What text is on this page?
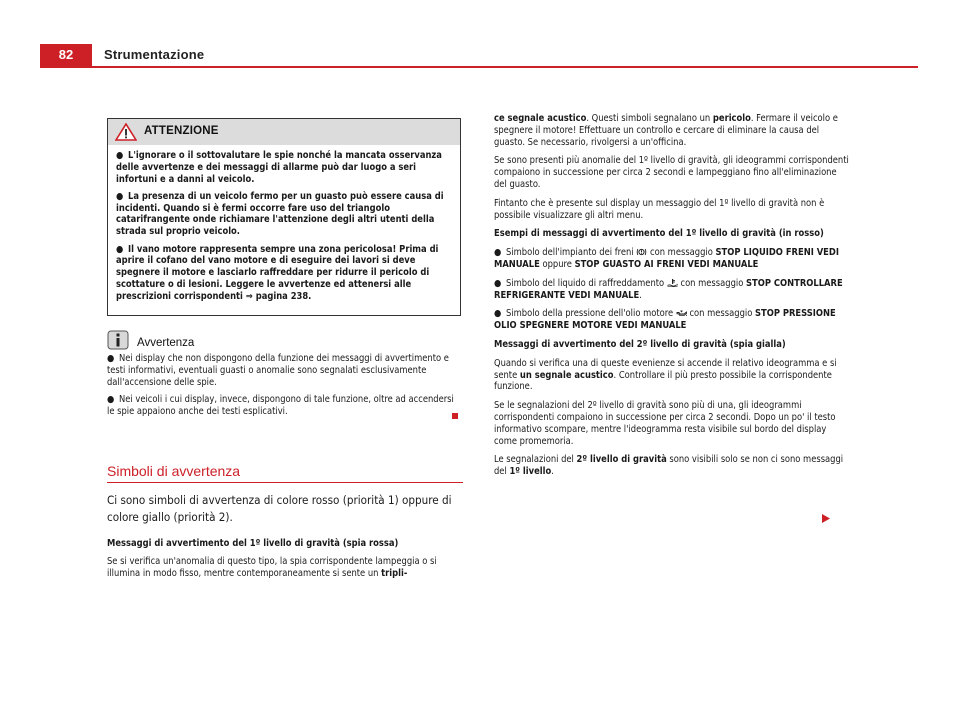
82	Strumentazione
ATTENZIONE

● L'ignorare o il sottovalutare le spie nonché la mancata osservanza delle avvertenze e dei messaggi di allarme può dar luogo a seri infortuni e a danni al veicolo.

● La presenza di un veicolo fermo per un guasto può essere causa di incidenti. Quando si è fermi occorre fare uso del triangolo catarifrangente onde richiamare l'attenzione degli altri utenti della strada sul proprio veicolo.

● Il vano motore rappresenta sempre una zona pericolosa! Prima di aprire il cofano del vano motore e di eseguire dei lavori si deve spegnere il motore e lasciarlo raffreddare per ridurre il pericolo di scottature o di lesioni. Leggere le avvertenze ed attenersi alle prescrizioni corrispondenti ⇒ pagina 238.

Avvertenza

● Nei display che non dispongono della funzione dei messaggi di avvertimento e testi informativi, eventuali guasti o anomalie sono segnalati esclusivamente dall'accensione delle spie.

● Nei veicoli i cui display, invece, dispongono di tale funzione, oltre ad accendersi le spie appaiono anche dei testi esplicativi.

Simboli di avvertenza
Ci sono simboli di avvertenza di colore rosso (priorità 1) oppure di colore giallo (priorità 2).
Messaggi di avvertimento del 1º livello di gravità (spia rossa)
Se si verifica un'anomalia di questo tipo, la spia corrispondente lampeggia o si illumina in modo fisso, mentre contemporaneamente si sente un tripli-
ce segnale acustico. Questi simboli segnalano un pericolo. Fermare il veicolo e spegnere il motore! Effettuare un controllo e cercare di eliminare la causa del guasto. Se necessario, rivolgersi a un'officina.
Se sono presenti più anomalie del 1º livello di gravità, gli ideogrammi corrispondenti compaiono in successione per circa 2 secondi e lampeggiano fino all'eliminazione del guasto.
Fintanto che è presente sul display un messaggio del 1º livello di gravità non è possibile visualizzare gli altri menu.
Esempi di messaggi di avvertimento del 1º livello di gravità (in rosso)
● Simbolo dell'impianto dei freni  con messaggio STOP LIQUIDO FRENI VEDI MANUALE oppure STOP GUASTO AI FRENI VEDI MANUALE
● Simbolo del liquido di raffreddamento  con messaggio STOP CONTROLLARE REFRIGERANTE VEDI MANUALE.
● Simbolo della pressione dell'olio motore  con messaggio STOP PRESSIONE OLIO SPEGNERE MOTORE VEDI MANUALE
Messaggi di avvertimento del 2º livello di gravità (spia gialla)
Quando si verifica una di queste evenienze si accende il relativo ideogramma e si sente un segnale acustico. Controllare il più presto possibile la corrispondente funzione.
Se le segnalazioni del 2º livello di gravità sono più di una, gli ideogrammi corrispondenti compaiono in successione per circa 2 secondi. Dopo un po' il testo informativo scompare, mentre l'ideogramma resta visibile sul bordo del display come promemoria.
Le segnalazioni del 2º livello di gravità sono visibili solo se non ci sono messaggi del 1º livello.
